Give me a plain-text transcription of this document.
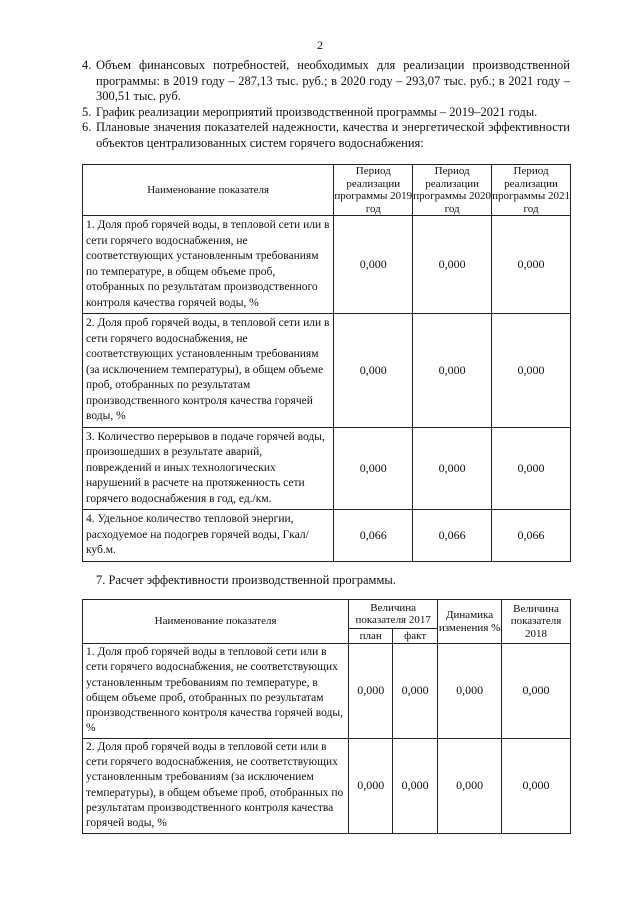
2
4. Объем финансовых потребностей, необходимых для реализации производственной программы: в 2019 году – 287,13 тыс. руб.; в 2020 году – 293,07 тыс. руб.; в 2021 году – 300,51 тыс. руб.
5. График реализации мероприятий производственной программы – 2019–2021 годы.
6. Плановые значения показателей надежности, качества и энергетической эффективности объектов централизованных систем горячего водоснабжения:
Наименование показателя	Период реализации программы 2019 год	Период реализации программы 2020 год	Период реализации программы 2021 год
1. Доля проб горячей воды, в тепловой сети или в сети горячего водоснабжения, не соответствующих установленным требованиям по температуре, в общем объеме проб, отобранных по результатам производственного контроля качества горячей воды, %	0,000	0,000	0,000
2. Доля проб горячей воды, в тепловой сети или в сети горячего водоснабжения, не соответствующих установленным требованиям (за исключением температуры), в общем объеме проб, отобранных по результатам производственного контроля качества горячей воды, %	0,000	0,000	0,000
3. Количество перерывов в подаче горячей воды, произошедших в результате аварий, повреждений и иных технологических нарушений в расчете на протяженность сети горячего водоснабжения в год, ед./км.	0,000	0,000	0,000
4. Удельное количество тепловой энергии, расходуемое на подогрев горячей воды, Гкал/куб.м.	0,066	0,066	0,066
7. Расчет эффективности производственной программы.
Наименование показателя	Величина показателя 2017		Динамика изменения %	Величина показателя 2018
	план	факт		
1. Доля проб горячей воды в тепловой сети или в сети горячего водоснабжения, не соответствующих установленным требованиям по температуре, в общем объеме проб, отобранных по результатам производственного контроля качества горячей воды, %	0,000	0,000	0,000	0,000
2. Доля проб горячей воды в тепловой сети или в сети горячего водоснабжения, не соответствующих установленным требованиям (за исключением температуры), в общем объеме проб, отобранных по результатам производственного контроля качества горячей воды, %	0,000	0,000	0,000	0,000
